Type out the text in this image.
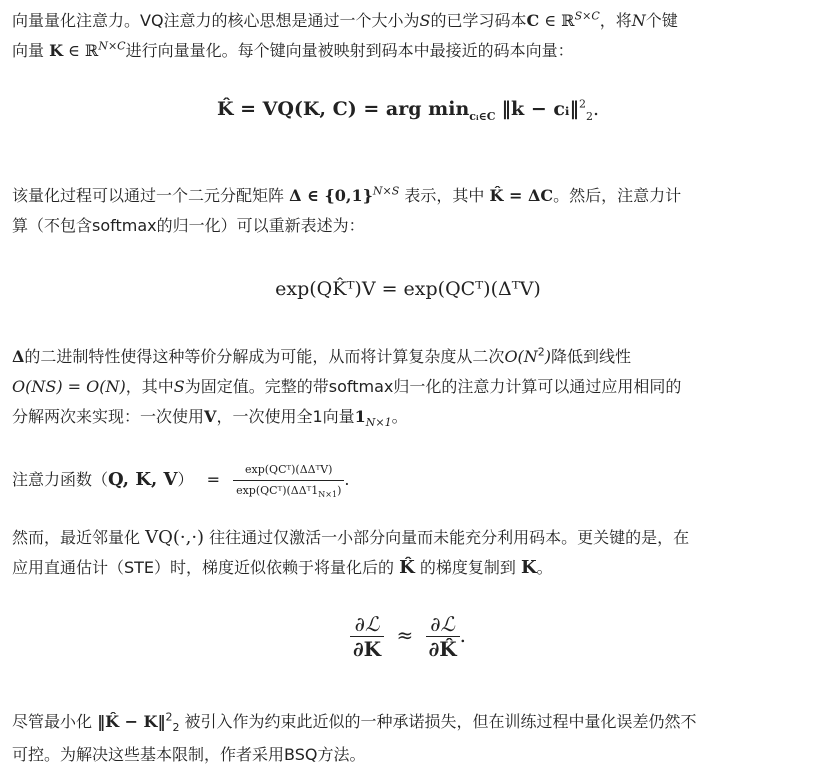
向量量化注意力。VQ注意力的核心思想是通过一个大小为S的已学习码本C ∈ ℝ$^{S\times C}$，将N个键
向量 K ∈ ℝ$^{N\times C}$进行向量量化。每个键向量被映射到码本中最接近的码本向量：
K̂ = VQ(K, C) = arg $\min_{cᵢ\in C}$ ‖k − cᵢ‖$^2_2$.
该量化过程可以通过一个二元分配矩阵 Δ ∈ $\{0,1\}^{N\times S}$ 表示，其中 K̂ = ΔC。然后，注意力计
算（不包含softmax的归一化）可以重新表述为：
exp(QK̂ᵀ)V = exp(QCᵀ)(ΔᵀV)
Δ的二进制特性使得这种等价分解成为可能，从而将计算复杂度从二次$O(N^2)$降低到线性
O(NS) = O(N)，其中S为固定值。完整的带softmax归一化的注意力计算可以通过应用相同的
分解两次来实现：一次使用V，一次使用全1向量$1_{N\times 1}$。
注意力函数（Q, K, $V) = \frac{\text{exp(QCᵀ)(ΔΔᵀV)}}{\exp(QCᵀ)(\Delta\Delta ᵀ1_{N\times 1})}$ .
然而，最近邻量化 VQ(·,·) 往往通过仅激活一小部分向量而未能充分利用码本。更关键的是，在
应用直通估计（STE）时，梯度近似依赖于将量化后的 K̂ 的梯度复制到 K。
$\frac{\text{∂ℒ}}{\partial K} \approx \frac{\text{∂ℒ}}{\partial K̂}$ .
尽管最小化 ‖K̂ − K‖$^2_2$ 被引入作为约束此近似的一种承诺损失，但在训练过程中量化误差仍然不
可控。为解决这些基本限制，作者采用BSQ方法。
